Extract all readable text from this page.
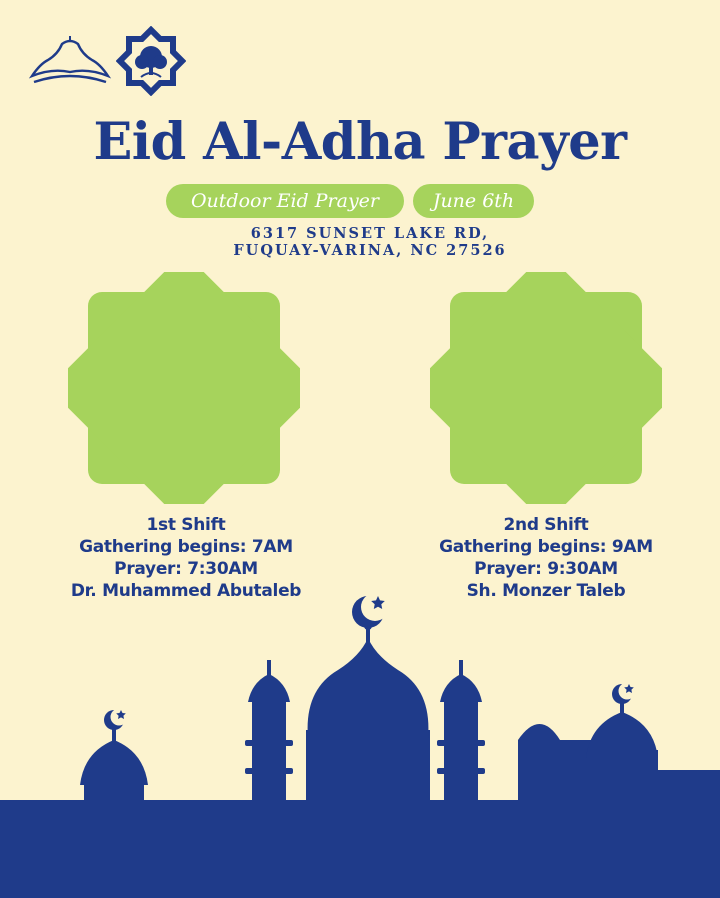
Eid Al-Adha Prayer
Outdoor Eid Prayer	June 6th
6317 SUNSET LAKE RD,
FUQUAY-VARINA, NC 27526
1st Shift
Gathering begins: 7AM
Prayer: 7:30AM
Dr. Muhammed Abutaleb
2nd Shift
Gathering begins: 9AM
Prayer: 9:30AM
Sh. Monzer Taleb
